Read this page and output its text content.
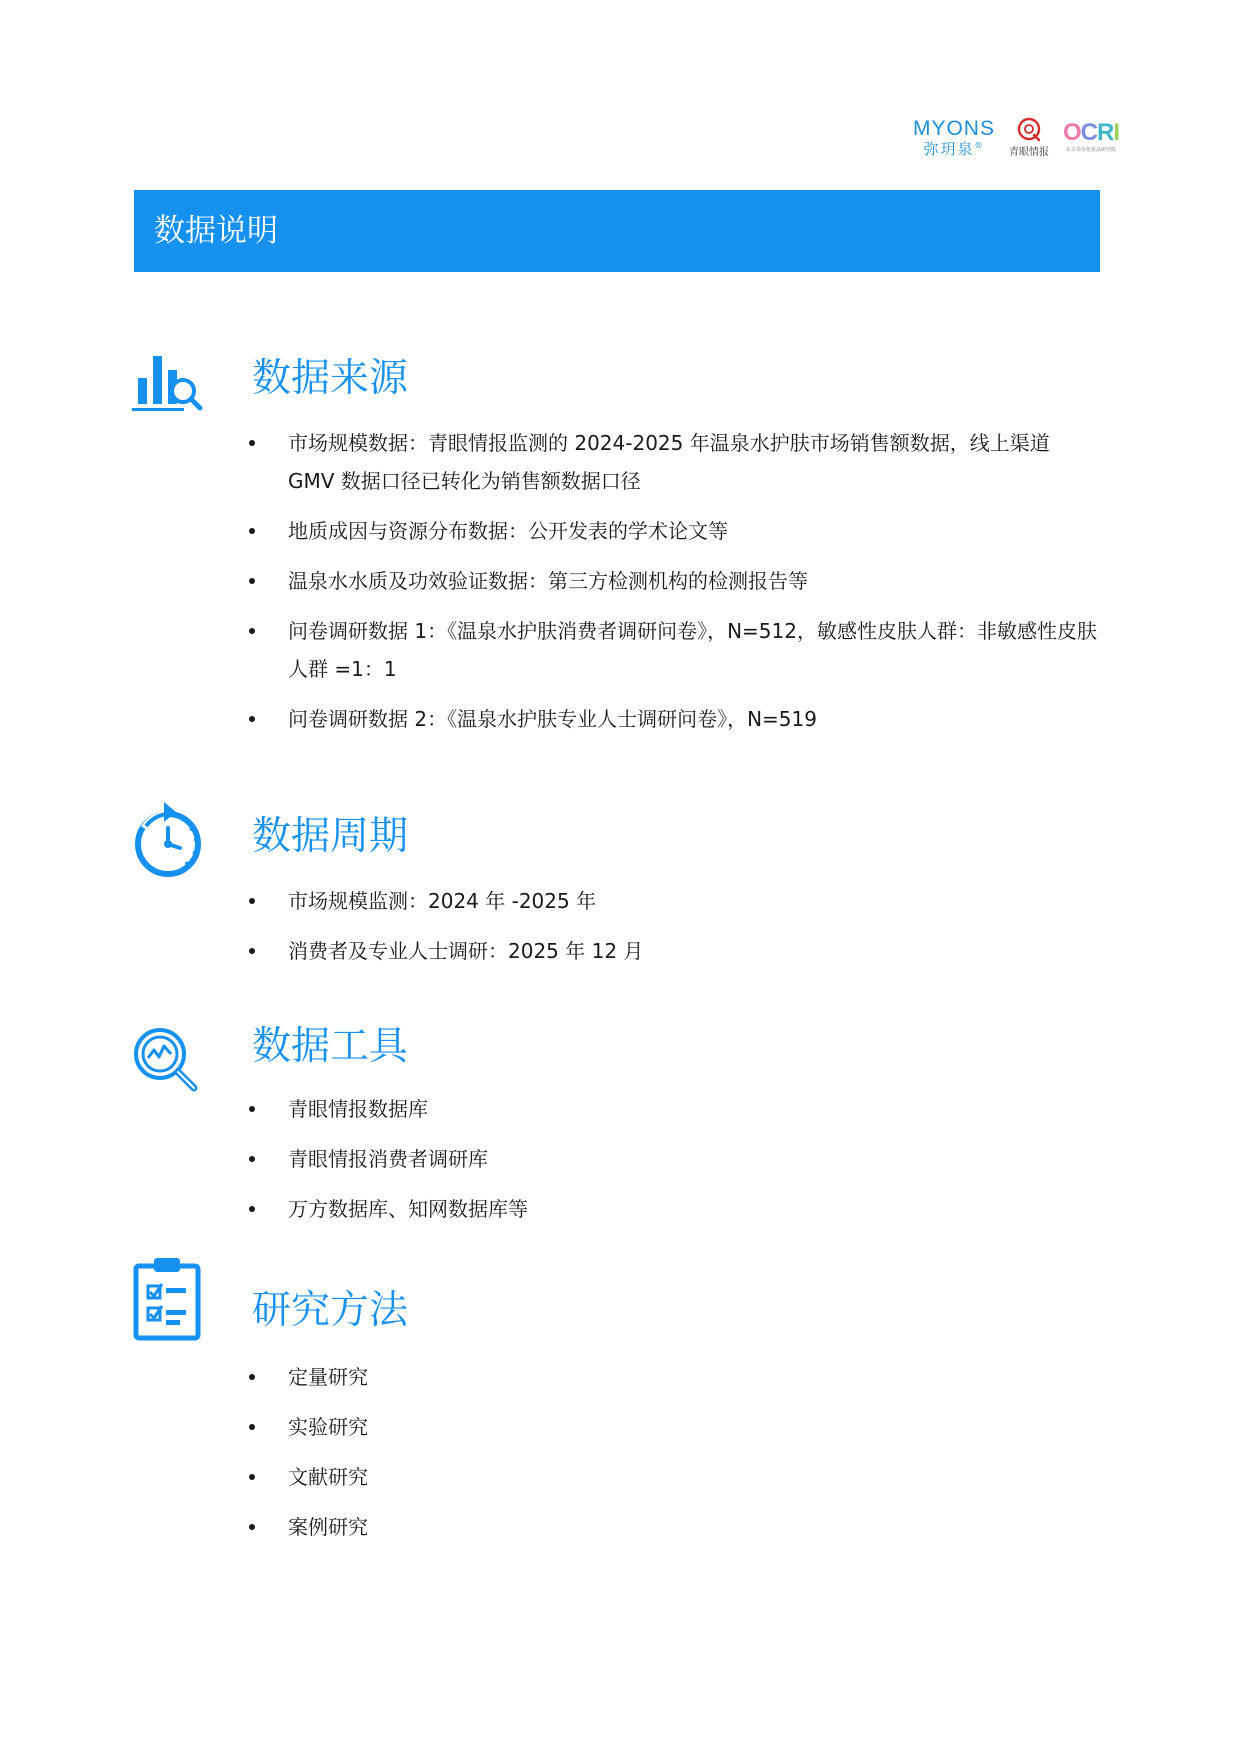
MYONS
弥玥泉®
青眼情报
OCRI
东方美谷化妆品研究院
数据说明
数据来源
市场规模数据：青眼情报监测的 2024-2025 年温泉水护肤市场销售额数据，线上渠道 GMV 数据口径已转化为销售额数据口径
地质成因与资源分布数据：公开发表的学术论文等
温泉水水质及功效验证数据：第三方检测机构的检测报告等
问卷调研数据 1：《温泉水护肤消费者调研问卷》，N=512，敏感性皮肤人群：非敏感性皮肤人群 =1：1
问卷调研数据 2：《温泉水护肤专业人士调研问卷》，N=519
数据周期
市场规模监测：2024 年 -2025 年
消费者及专业人士调研：2025 年 12 月
数据工具
青眼情报数据库
青眼情报消费者调研库
万方数据库、知网数据库等
研究方法
定量研究
实验研究
文献研究
案例研究
